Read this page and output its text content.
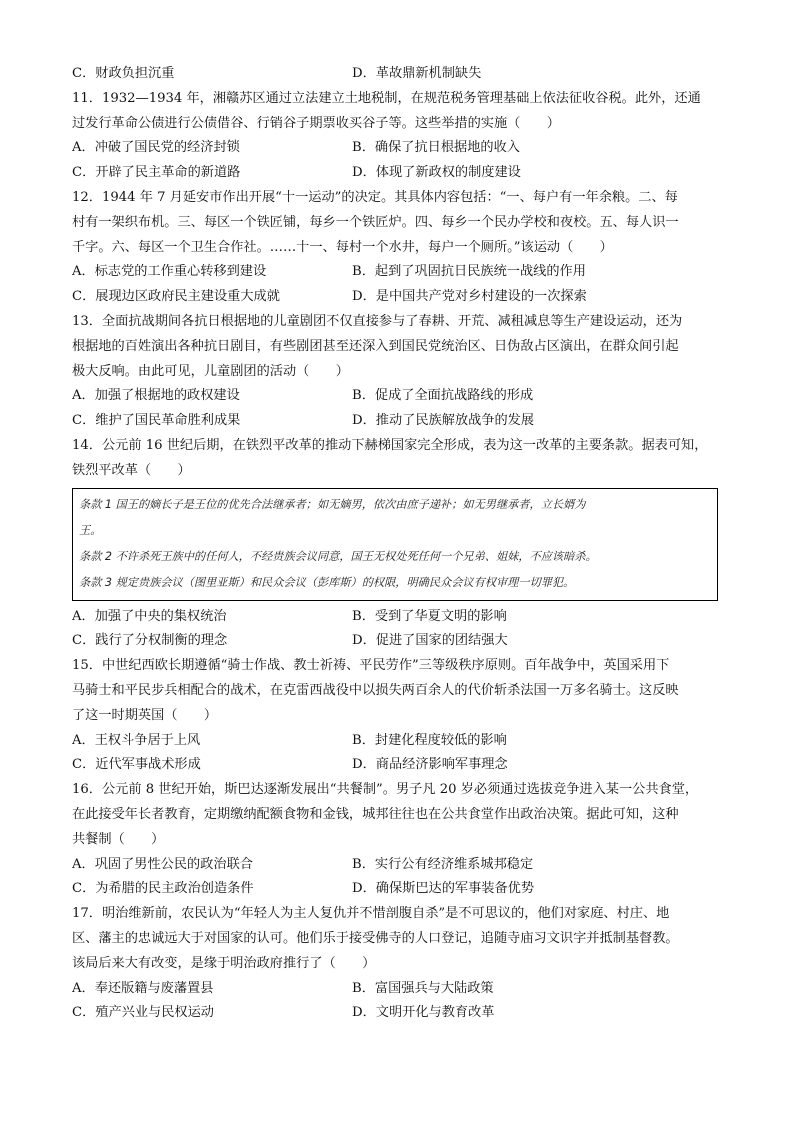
C．财政负担沉重	D．革故鼎新机制缺失
11．1932—1934 年，湘赣苏区通过立法建立土地税制，在规范税务管理基础上依法征收谷税。此外，还通
过发行革命公债进行公债借谷、行销谷子期票收买谷子等。这些举措的实施（　　）
A．冲破了国民党的经济封锁	B．确保了抗日根据地的收入
C．开辟了民主革命的新道路	D．体现了新政权的制度建设
12．1944 年 7 月延安市作出开展“十一运动”的决定。其具体内容包括：“一、每户有一年余粮。二、每
村有一架织布机。三、每区一个铁匠铺，每乡一个铁匠炉。四、每乡一个民办学校和夜校。五、每人识一
千字。六、每区一个卫生合作社。……十一、每村一个水井，每户一个厕所。”该运动（　　）
A．标志党的工作重心转移到建设	B．起到了巩固抗日民族统一战线的作用
C．展现边区政府民主建设重大成就	D．是中国共产党对乡村建设的一次探索
13．全面抗战期间各抗日根据地的儿童剧团不仅直接参与了春耕、开荒、减租减息等生产建设运动，还为
根据地的百姓演出各种抗日剧目，有些剧团甚至还深入到国民党统治区、日伪敌占区演出，在群众间引起
极大反响。由此可见，儿童剧团的活动（　　）
A．加强了根据地的政权建设	B．促成了全面抗战路线的形成
C．维护了国民革命胜利成果	D．推动了民族解放战争的发展
14．公元前 16 世纪后期，在铁烈平改革的推动下赫梯国家完全形成，表为这一改革的主要条款。据表可知，
铁烈平改革（　　）
条款 1 国王的嫡长子是王位的优先合法继承者；如无嫡男，依次由庶子递补；如无男继承者，立长婿为
王。
条款 2 不许杀死王族中的任何人，不经贵族会议同意，国王无权处死任何一个兄弟、姐妹，不应该暗杀。
条款 3 规定贵族会议（图里亚斯）和民众会议（彭库斯）的权限，明确民众会议有权审理一切罪犯。
A．加强了中央的集权统治	B．受到了华夏文明的影响
C．践行了分权制衡的理念	D．促进了国家的团结强大
15．中世纪西欧长期遵循“骑士作战、教士祈祷、平民劳作”三等级秩序原则。百年战争中，英国采用下
马骑士和平民步兵相配合的战术，在克雷西战役中以损失两百余人的代价斩杀法国一万多名骑士。这反映
了这一时期英国（　　）
A．王权斗争居于上风	B．封建化程度较低的影响
C．近代军事战术形成	D．商品经济影响军事理念
16．公元前 8 世纪开始，斯巴达逐渐发展出“共餐制”。男子凡 20 岁必须通过选拔竞争进入某一公共食堂，
在此接受年长者教育，定期缴纳配额食物和金钱，城邦往往也在公共食堂作出政治决策。据此可知，这种
共餐制（　　）
A．巩固了男性公民的政治联合	B．实行公有经济维系城邦稳定
C．为希腊的民主政治创造条件	D．确保斯巴达的军事装备优势
17．明治维新前，农民认为“年轻人为主人复仇并不惜剖腹自杀”是不可思议的，他们对家庭、村庄、地
区、藩主的忠诚远大于对国家的认可。他们乐于接受佛寺的人口登记，追随寺庙习文识字并抵制基督教。
该局后来大有改变，是缘于明治政府推行了（　　）
A．奉还版籍与废藩置县	B．富国强兵与大陆政策
C．殖产兴业与民权运动	D．文明开化与教育改革
